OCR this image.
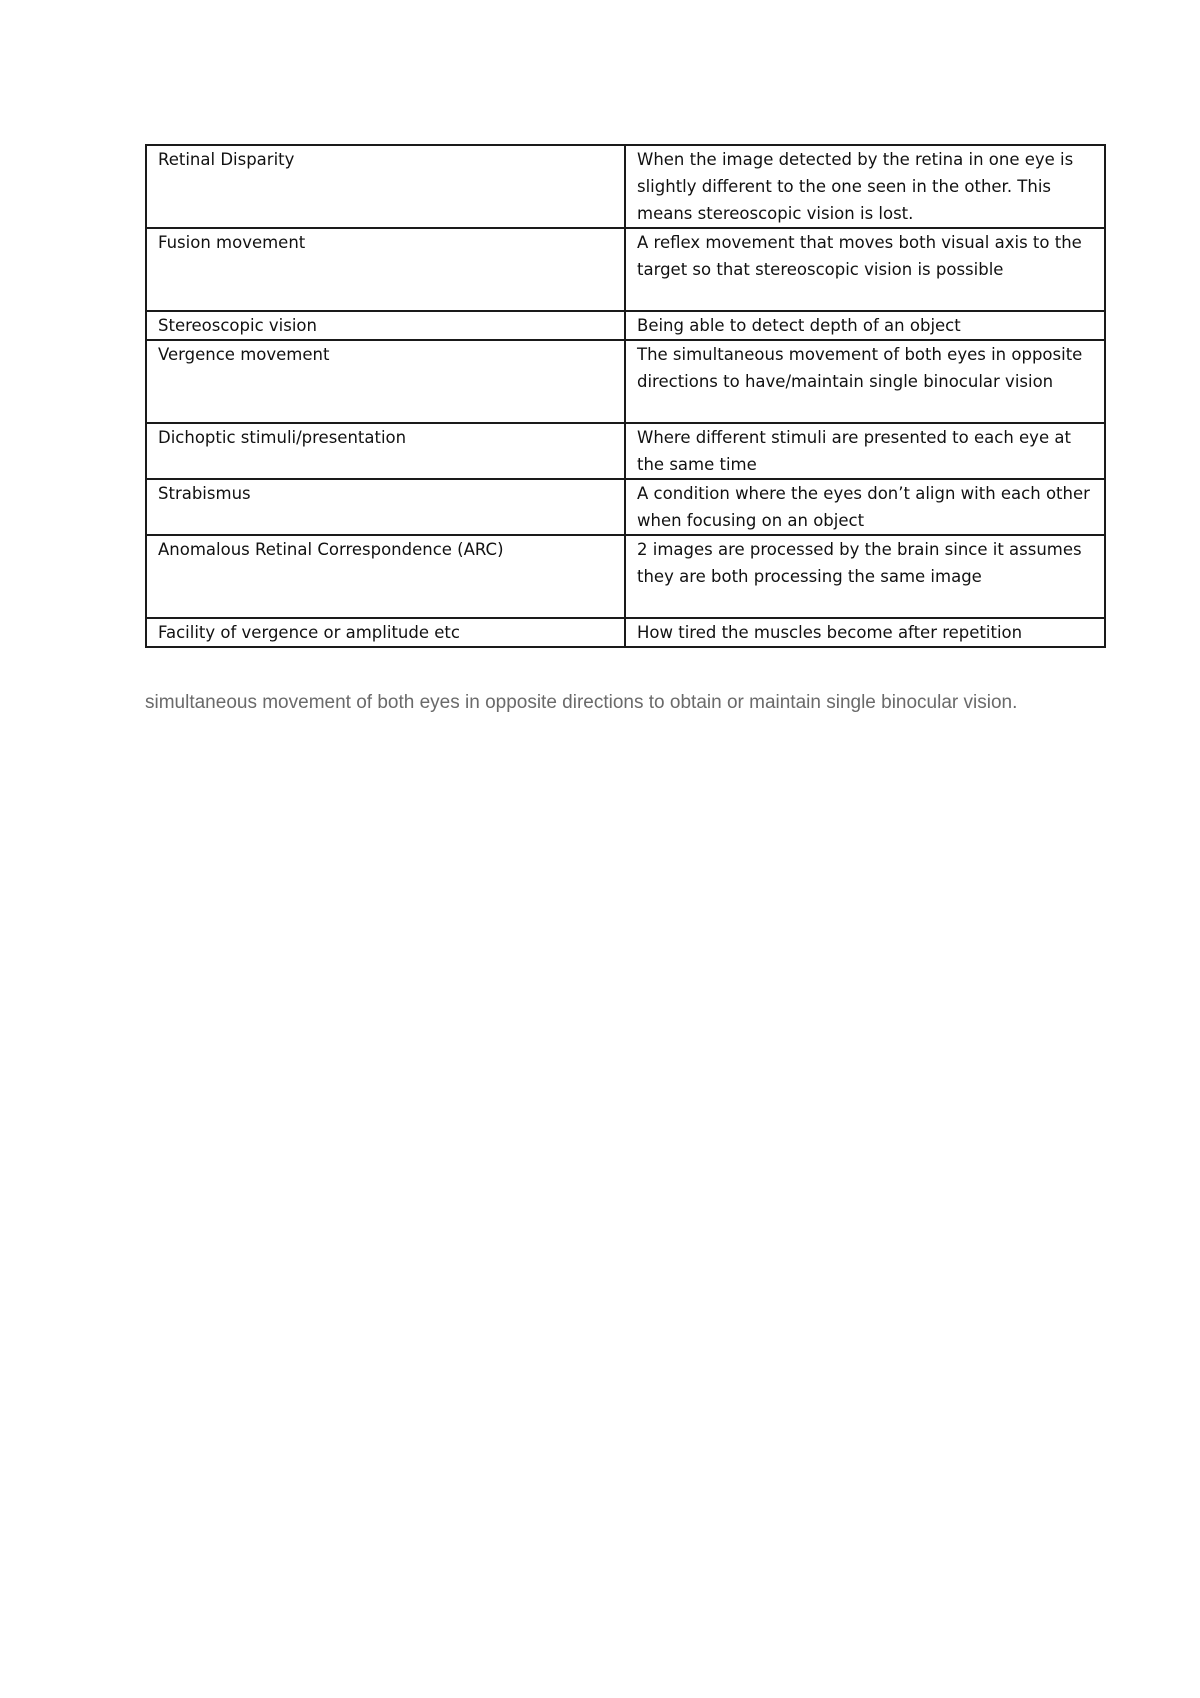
Retinal Disparity	When the image detected by the retina in one eye is slightly different to the one seen in the other. This means stereoscopic vision is lost.
Fusion movement	A reflex movement that moves both visual axis to the target so that stereoscopic vision is possible
Stereoscopic vision	Being able to detect depth of an object
Vergence movement	The simultaneous movement of both eyes in opposite directions to have/maintain single binocular vision
Dichoptic stimuli/presentation	Where different stimuli are presented to each eye at the same time
Strabismus	A condition where the eyes don’t align with each other when focusing on an object
Anomalous Retinal Correspondence (ARC)	2 images are processed by the brain since it assumes they are both processing the same image
Facility of vergence or amplitude etc	How tired the muscles become after repetition

simultaneous movement of both eyes in opposite directions to obtain or maintain single binocular vision.
